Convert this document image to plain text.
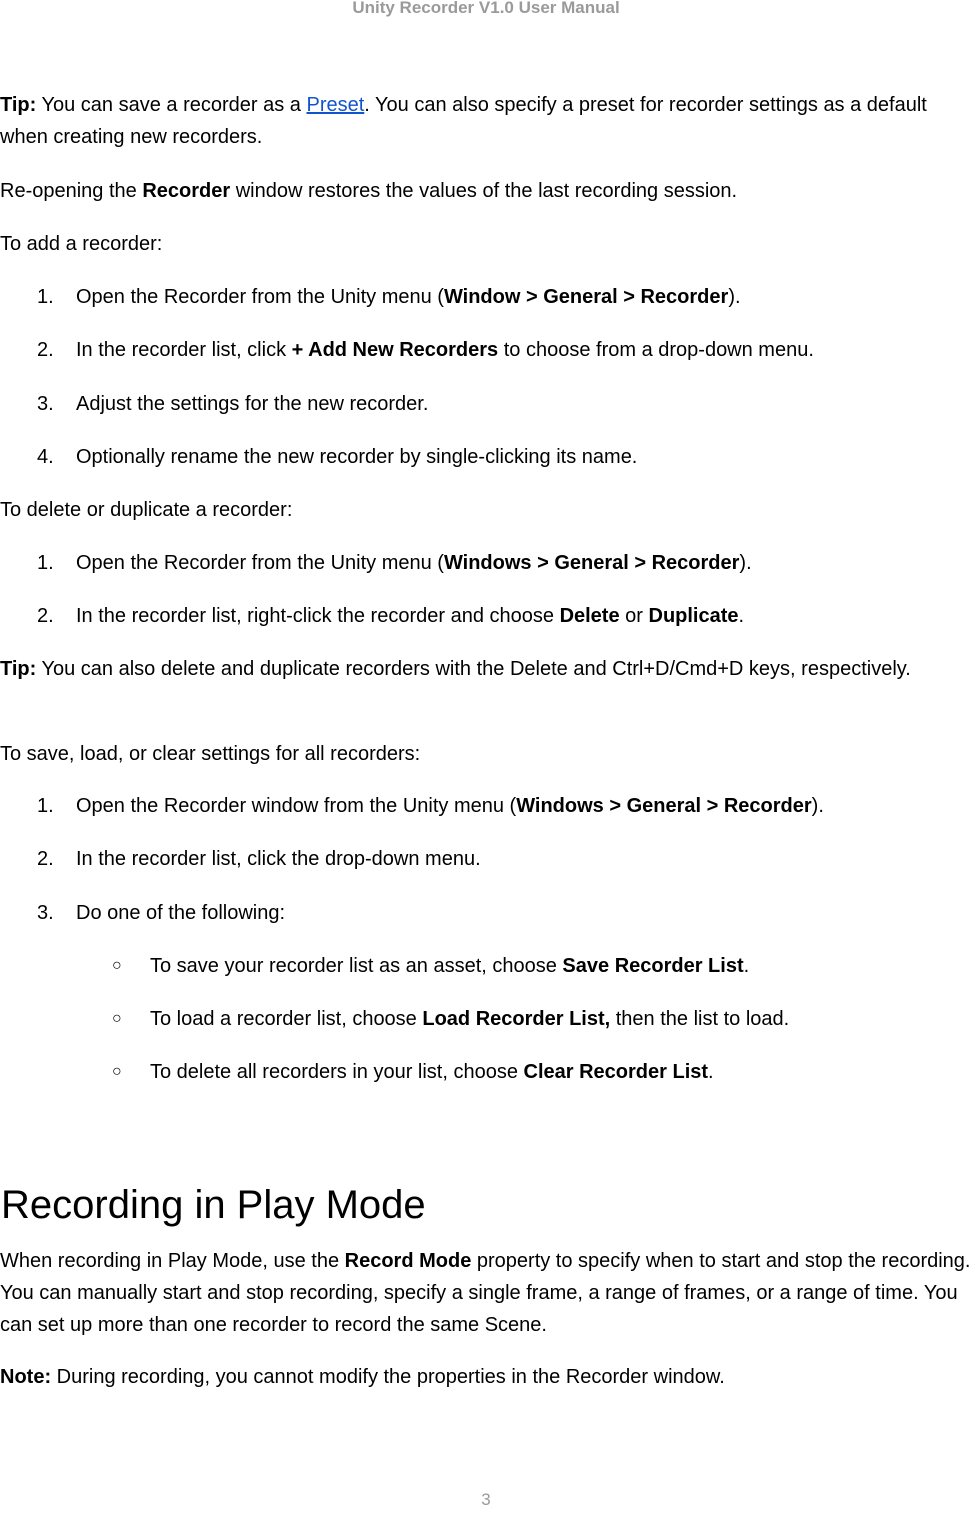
Unity Recorder V1.0 User Manual

Tip: You can save a recorder as a Preset. You can also specify a preset for recorder settings as a default when creating new recorders.

Re-opening the Recorder window restores the values of the last recording session.

To add a recorder:

1. Open the Recorder from the Unity menu (Window > General > Recorder).
2. In the recorder list, click + Add New Recorders to choose from a drop-down menu.
3. Adjust the settings for the new recorder.
4. Optionally rename the new recorder by single-clicking its name.

To delete or duplicate a recorder:

1. Open the Recorder from the Unity menu (Windows > General > Recorder).
2. In the recorder list, right-click the recorder and choose Delete or Duplicate.

Tip: You can also delete and duplicate recorders with the Delete and Ctrl+D/Cmd+D keys, respectively.

To save, load, or clear settings for all recorders:

1. Open the Recorder window from the Unity menu (Windows > General > Recorder).
2. In the recorder list, click the drop-down menu.
3. Do one of the following:
○ To save your recorder list as an asset, choose Save Recorder List.
○ To load a recorder list, choose Load Recorder List, then the list to load.
○ To delete all recorders in your list, choose Clear Recorder List.
Recording in Play Mode

When recording in Play Mode, use the Record Mode property to specify when to start and stop the recording. You can manually start and stop recording, specify a single frame, a range of frames, or a range of time. You can set up more than one recorder to record the same Scene.

Note: During recording, you cannot modify the properties in the Recorder window.

3
